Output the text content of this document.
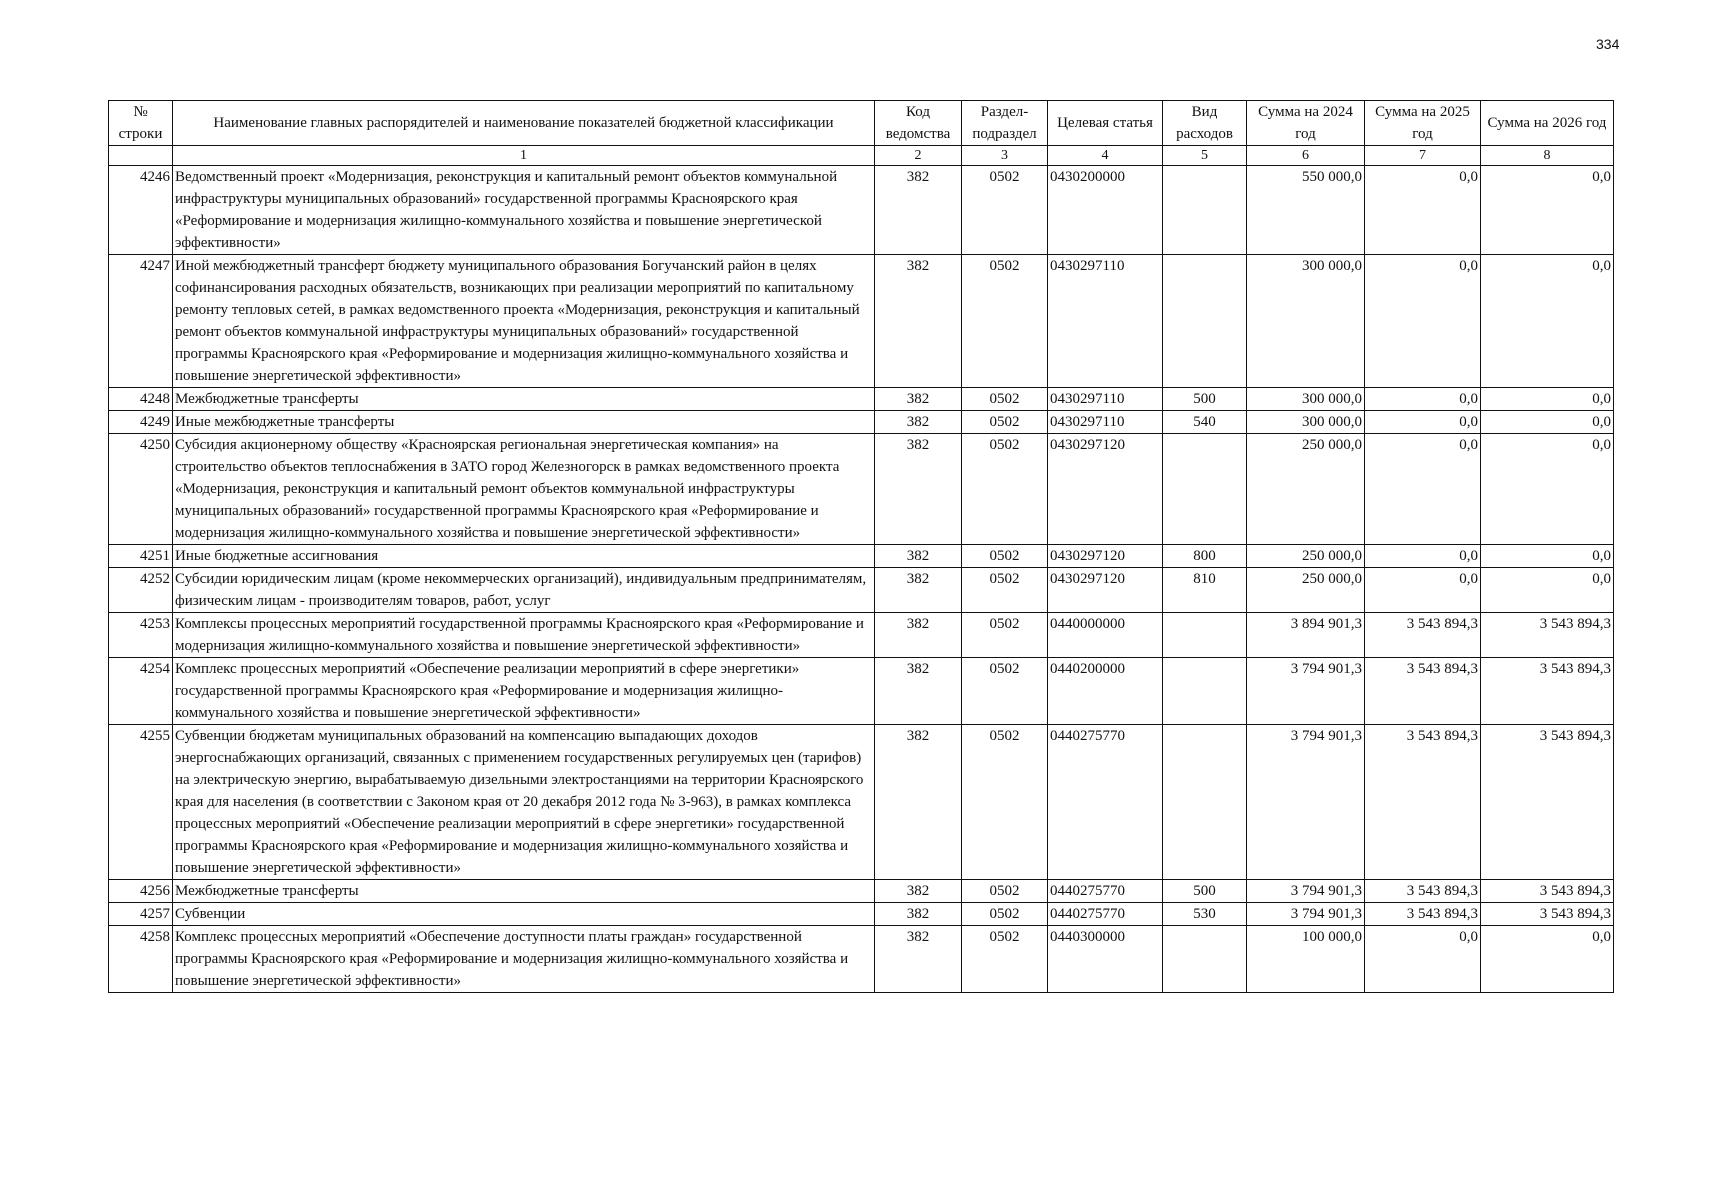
334
№ строки	Наименование главных распорядителей и наименование показателей бюджетной классификации	Код ведомства	Раздел-подраздел	Целевая статья	Вид расходов	Сумма на 2024 год	Сумма на 2025 год	Сумма на 2026 год
	1	2	3	4	5	6	7	8
4246	Ведомственный проект «Модернизация, реконструкция и капитальный ремонт объектов коммунальной инфраструктуры муниципальных образований» государственной программы Красноярского края «Реформирование и модернизация жилищно-коммунального хозяйства и повышение энергетической эффективности»	382	0502	0430200000		550 000,0	0,0	0,0
4247	Иной межбюджетный трансферт бюджету муниципального образования Богучанский район в целях софинансирования расходных обязательств, возникающих при реализации мероприятий по капитальному ремонту тепловых сетей, в рамках ведомственного проекта «Модернизация, реконструкция и капитальный ремонт объектов коммунальной инфраструктуры муниципальных образований» государственной программы Красноярского края «Реформирование и модернизация жилищно-коммунального хозяйства и повышение энергетической эффективности»	382	0502	0430297110		300 000,0	0,0	0,0
4248	Межбюджетные трансферты	382	0502	0430297110	500	300 000,0	0,0	0,0
4249	Иные межбюджетные трансферты	382	0502	0430297110	540	300 000,0	0,0	0,0
4250	Субсидия акционерному обществу «Красноярская региональная энергетическая компания» на строительство объектов теплоснабжения в ЗАТО город Железногорск в рамках ведомственного проекта «Модернизация, реконструкция и капитальный ремонт объектов коммунальной инфраструктуры муниципальных образований» государственной программы Красноярского края «Реформирование и модернизация жилищно-коммунального хозяйства и повышение энергетической эффективности»	382	0502	0430297120		250 000,0	0,0	0,0
4251	Иные бюджетные ассигнования	382	0502	0430297120	800	250 000,0	0,0	0,0
4252	Субсидии юридическим лицам (кроме некоммерческих организаций), индивидуальным предпринимателям, физическим лицам - производителям товаров, работ, услуг	382	0502	0430297120	810	250 000,0	0,0	0,0
4253	Комплексы процессных мероприятий государственной программы Красноярского края «Реформирование и модернизация жилищно-коммунального хозяйства и повышение энергетической эффективности»	382	0502	0440000000		3 894 901,3	3 543 894,3	3 543 894,3
4254	Комплекс процессных мероприятий «Обеспечение реализации мероприятий в сфере энергетики» государственной программы Красноярского края «Реформирование и модернизация жилищно-коммунального хозяйства и повышение энергетической эффективности»	382	0502	0440200000		3 794 901,3	3 543 894,3	3 543 894,3
4255	Субвенции бюджетам муниципальных образований на компенсацию выпадающих доходов энергоснабжающих организаций, связанных с применением государственных регулируемых цен (тарифов) на электрическую энергию, вырабатываемую дизельными электростанциями на территории Красноярского края для населения (в соответствии с Законом края от 20 декабря 2012 года № 3-963), в рамках комплекса процессных мероприятий «Обеспечение реализации мероприятий в сфере энергетики» государственной программы Красноярского края «Реформирование и модернизация жилищно-коммунального хозяйства и повышение энергетической эффективности»	382	0502	0440275770		3 794 901,3	3 543 894,3	3 543 894,3
4256	Межбюджетные трансферты	382	0502	0440275770	500	3 794 901,3	3 543 894,3	3 543 894,3
4257	Субвенции	382	0502	0440275770	530	3 794 901,3	3 543 894,3	3 543 894,3
4258	Комплекс процессных мероприятий «Обеспечение доступности платы граждан» государственной программы Красноярского края «Реформирование и модернизация жилищно-коммунального хозяйства и повышение энергетической эффективности»	382	0502	0440300000		100 000,0	0,0	0,0
